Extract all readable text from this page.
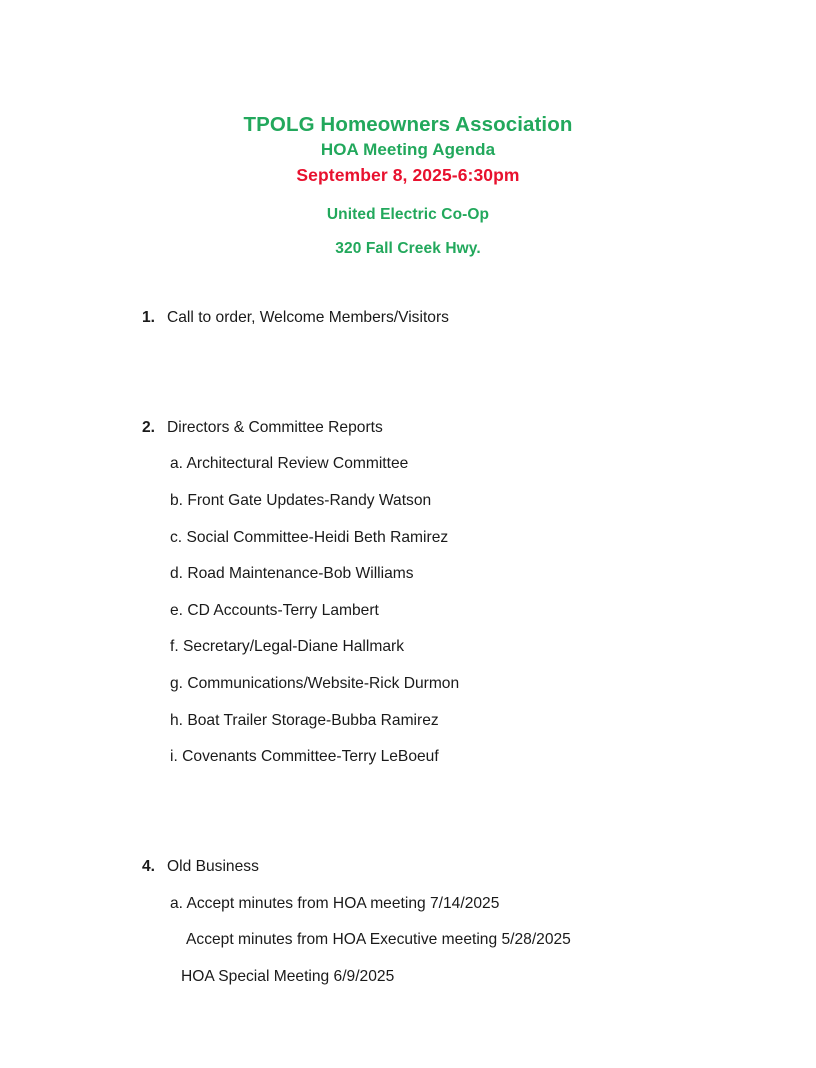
TPOLG Homeowners Association
HOA Meeting Agenda
September 8, 2025-6:30pm
United Electric Co-Op
320 Fall Creek Hwy.

1.

Call to order, Welcome Members/Visitors

2.

Directors & Committee Reports

a. Architectural Review Committee

b. Front Gate Updates-Randy Watson

c. Social Committee-Heidi Beth Ramirez

d. Road Maintenance-Bob Williams

e. CD Accounts-Terry Lambert

f. Secretary/Legal-Diane Hallmark

g. Communications/Website-Rick Durmon

h. Boat Trailer Storage-Bubba Ramirez

i. Covenants Committee-Terry LeBoeuf

4.

Old Business

a. Accept minutes from HOA meeting 7/14/2025

Accept minutes from HOA Executive meeting 5/28/2025

HOA Special Meeting 6/9/2025
